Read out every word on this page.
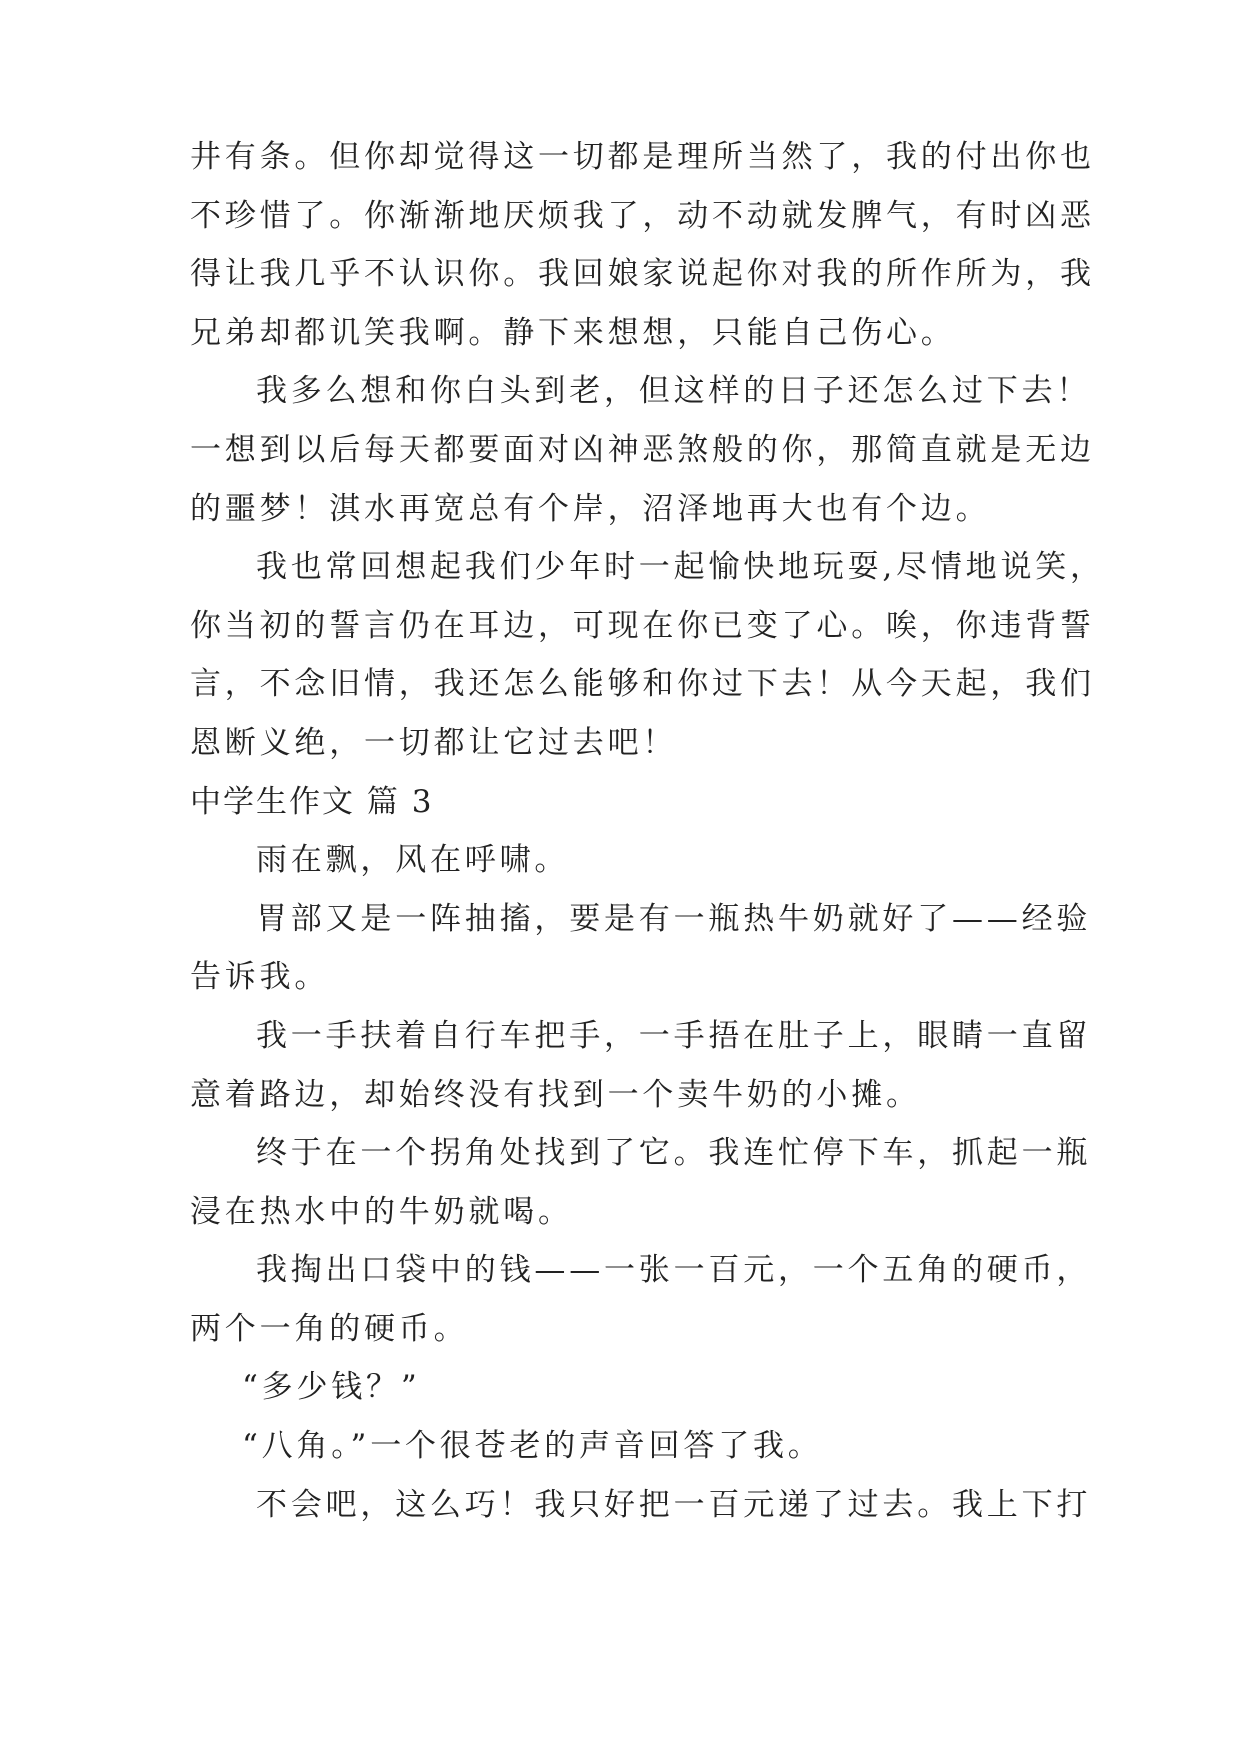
井有条。但你却觉得这一切都是理所当然了，我的付出你也
不珍惜了。你渐渐地厌烦我了，动不动就发脾气，有时凶恶
得让我几乎不认识你。我回娘家说起你对我的所作所为，我
兄弟却都讥笑我啊。静下来想想，只能自己伤心。
我多么想和你白头到老，但这样的日子还怎么过下去！
一想到以后每天都要面对凶神恶煞般的你，那简直就是无边
的噩梦！淇水再宽总有个岸，沼泽地再大也有个边。
我也常回想起我们少年时一起愉快地玩耍,尽情地说笑，
你当初的誓言仍在耳边，可现在你已变了心。唉，你违背誓
言，不念旧情，我还怎么能够和你过下去！从今天起，我们
恩断义绝，一切都让它过去吧！
中学生作文 篇 3
雨在飘，风在呼啸。
胃部又是一阵抽搐，要是有一瓶热牛奶就好了——经验
告诉我。
我一手扶着自行车把手，一手捂在肚子上，眼睛一直留
意着路边，却始终没有找到一个卖牛奶的小摊。
终于在一个拐角处找到了它。我连忙停下车，抓起一瓶
浸在热水中的牛奶就喝。
我掏出口袋中的钱——一张一百元，一个五角的硬币，
两个一角的硬币。
“多少钱？”
“八角。”一个很苍老的声音回答了我。
不会吧，这么巧！我只好把一百元递了过去。我上下打
